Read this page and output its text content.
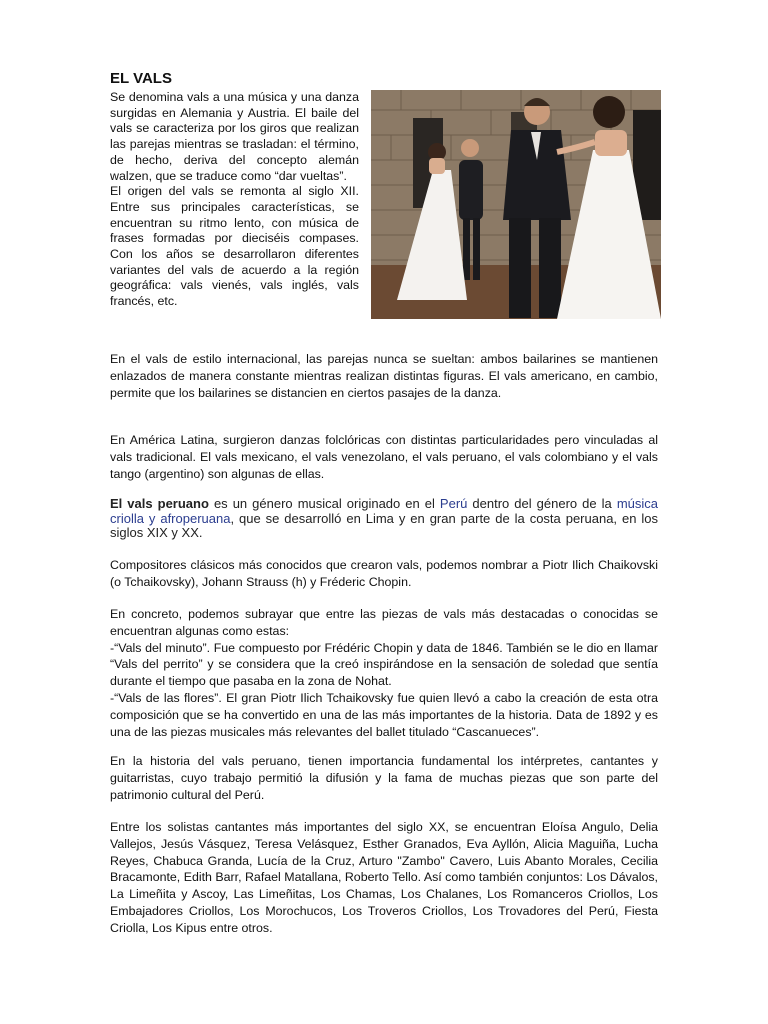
EL VALS

Se denomina vals a una música y una danza surgidas en Alemania y Austria. El baile del vals se caracteriza por los giros que realizan las parejas mientras se trasladan: el término, de hecho, deriva del concepto alemán walzen, que se traduce como “dar vueltas”.

El origen del vals se remonta al siglo XII. Entre sus principales características, se encuentran su ritmo lento, con música de frases formadas por dieciséis compases. Con los años se desarrollaron diferentes variantes del vals de acuerdo a la región geográfica: vals vienés, vals inglés, vals francés, etc.

En el vals de estilo internacional, las parejas nunca se sueltan: ambos bailarines se mantienen enlazados de manera constante mientras realizan distintas figuras. El vals americano, en cambio, permite que los bailarines se distancien en ciertos pasajes de la danza.

En América Latina, surgieron danzas folclóricas con distintas particularidades pero vinculadas al vals tradicional. El vals mexicano, el vals venezolano, el vals peruano, el vals colombiano y el vals tango (argentino) son algunas de ellas.

El vals peruano es un género musical originado en el Perú dentro del género de la música criolla y afroperuana, que se desarrolló en Lima y en gran parte de la costa peruana, en los siglos XIX y XX.

Compositores clásicos más conocidos que crearon vals, podemos nombrar a Piotr Ilich Chaikovski (o Tchaikovsky), Johann Strauss (h) y Fréderic Chopin.

En concreto, podemos subrayar que entre las piezas de vals más destacadas o conocidas se encuentran algunas como estas:
-“Vals del minuto”. Fue compuesto por Frédéric Chopin y data de 1846. También se le dio en llamar “Vals del perrito” y se considera que la creó inspirándose en la sensación de soledad que sentía durante el tiempo que pasaba en la zona de Nohat.
-“Vals de las flores”. El gran Piotr Ilich Tchaikovsky fue quien llevó a cabo la creación de esta otra composición que se ha convertido en una de las más importantes de la historia. Data de 1892 y es una de las piezas musicales más relevantes del ballet titulado “Cascanueces”.

En la historia del vals peruano, tienen importancia fundamental los intérpretes, cantantes y guitarristas, cuyo trabajo permitió la difusión y la fama de muchas piezas que son parte del patrimonio cultural del Perú.

Entre los solistas cantantes más importantes del siglo XX, se encuentran Eloísa Angulo, Delia Vallejos, Jesús Vásquez, Teresa Velásquez, Esther Granados, Eva Ayllón, Alicia Maguiña, Lucha Reyes, Chabuca Granda, Lucía de la Cruz, Arturo "Zambo" Cavero, Luis Abanto Morales, Cecilia Bracamonte, Edith Barr, Rafael Matallana, Roberto Tello. Así como también conjuntos: Los Dávalos, La Limeñita y Ascoy, Las Limeñitas, Los Chamas, Los Chalanes, Los Romanceros Criollos, Los Embajadores Criollos, Los Morochucos, Los Troveros Criollos, Los Trovadores del Perú, Fiesta Criolla, Los Kipus entre otros.
